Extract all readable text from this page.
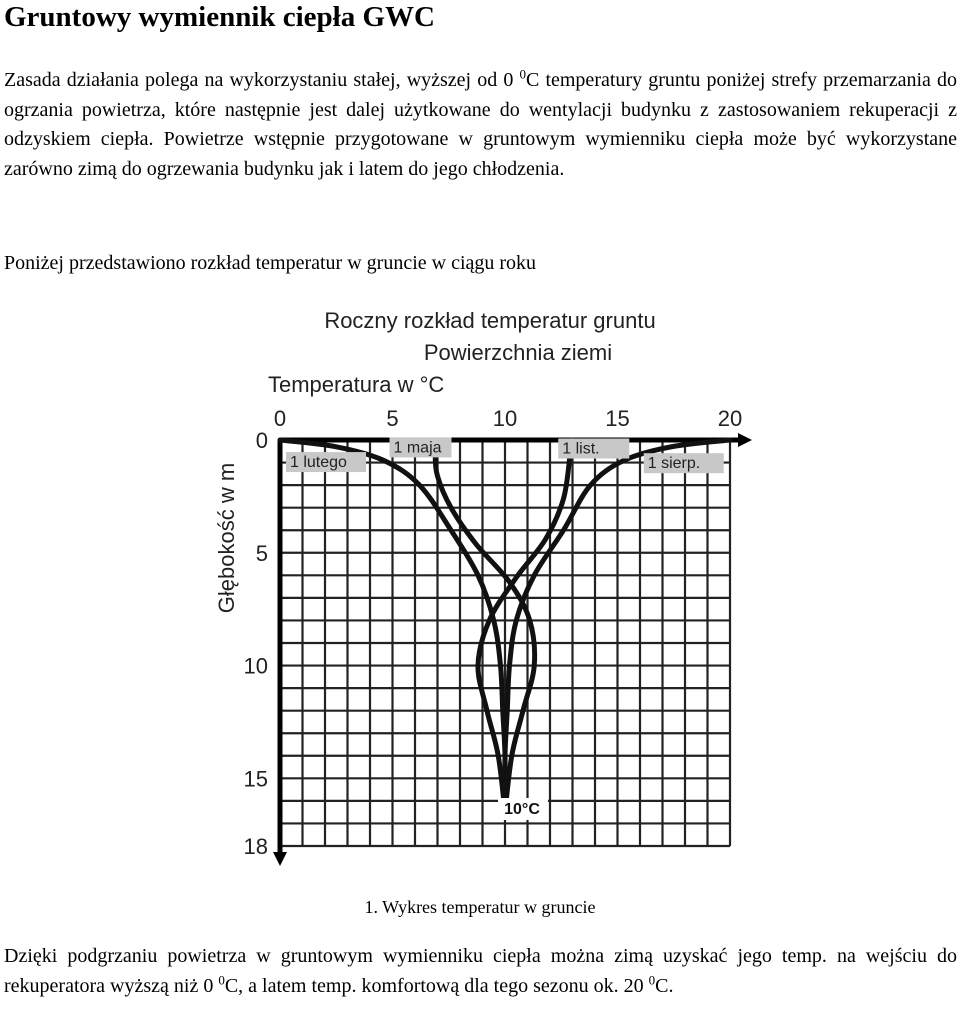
Gruntowy wymiennik ciepła GWC

Zasada działania polega na wykorzystaniu stałej, wyższej od 0 $^0$C temperatury gruntu poniżej strefy przemarzania do ogrzania powietrza, które następnie jest dalej użytkowane do wentylacji budynku z zastosowaniem rekuperacji z odzyskiem ciepła. Powietrze wstępnie przygotowane w gruntowym wymienniku ciepła może być wykorzystane zarówno zimą do ogrzewania budynku jak i latem do jego chłodzenia.

Poniżej przedstawiono rozkład temperatur w gruncie w ciągu roku

Roczny rozkład temperatur gruntu
Powierzchnia ziemi
Temperatura w °C
Głębokość w m
0	5	10	15	20
0
5
10
15
18
1 lutego
1 maja	1 list.
1 sierp.
10°C
1. Wykres temperatur w gruncie

Dzięki podgrzaniu powietrza w gruntowym wymienniku ciepła można zimą uzyskać jego temp. na wejściu do rekuperatora wyższą niż 0 $^0$C, a latem temp. komfortową dla tego sezonu ok. 20 $^0$C.
